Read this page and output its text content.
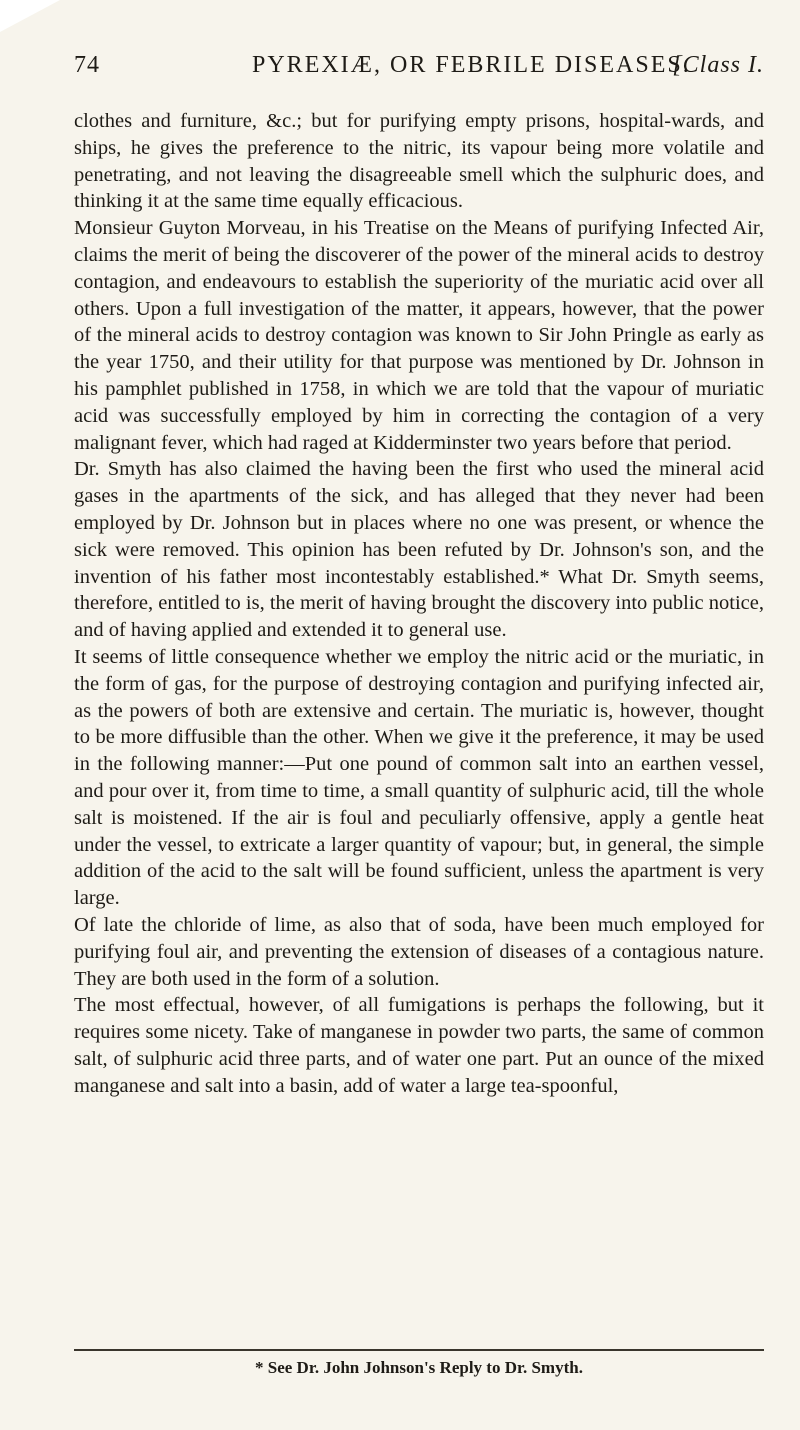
74	PYREXIÆ, OR FEBRILE DISEASES.
[Class I.

clothes and furniture, &c.; but for purifying empty prisons, hospital-wards, and ships, he gives the preference to the nitric, its vapour being more volatile and penetrating, and not leaving the disagreeable smell which the sulphuric does, and thinking it at the same time equally efficacious.

Monsieur Guyton Morveau, in his Treatise on the Means of purifying Infected Air, claims the merit of being the discoverer of the power of the mineral acids to destroy contagion, and endeavours to establish the superiority of the muriatic acid over all others. Upon a full investigation of the matter, it appears, however, that the power of the mineral acids to destroy contagion was known to Sir John Pringle as early as the year 1750, and their utility for that purpose was mentioned by Dr. Johnson in his pamphlet published in 1758, in which we are told that the vapour of muriatic acid was successfully employed by him in correcting the contagion of a very malignant fever, which had raged at Kidderminster two years before that period.

Dr. Smyth has also claimed the having been the first who used the mineral acid gases in the apartments of the sick, and has alleged that they never had been employed by Dr. Johnson but in places where no one was present, or whence the sick were removed. This opinion has been refuted by Dr. Johnson's son, and the invention of his father most incontestably established.* What Dr. Smyth seems, therefore, entitled to is, the merit of having brought the discovery into public notice, and of having applied and extended it to general use.

It seems of little consequence whether we employ the nitric acid or the muriatic, in the form of gas, for the purpose of destroying contagion and purifying infected air, as the powers of both are extensive and certain. The muriatic is, however, thought to be more diffusible than the other. When we give it the preference, it may be used in the following manner:—Put one pound of common salt into an earthen vessel, and pour over it, from time to time, a small quantity of sulphuric acid, till the whole salt is moistened. If the air is foul and peculiarly offensive, apply a gentle heat under the vessel, to extricate a larger quantity of vapour; but, in general, the simple addition of the acid to the salt will be found sufficient, unless the apartment is very large.

Of late the chloride of lime, as also that of soda, have been much employed for purifying foul air, and preventing the extension of diseases of a contagious nature. They are both used in the form of a solution.

The most effectual, however, of all fumigations is perhaps the following, but it requires some nicety. Take of manganese in powder two parts, the same of common salt, of sulphuric acid three parts, and of water one part. Put an ounce of the mixed manganese and salt into a basin, add of water a large tea-spoonful,

* See Dr. John Johnson's Reply to Dr. Smyth.
